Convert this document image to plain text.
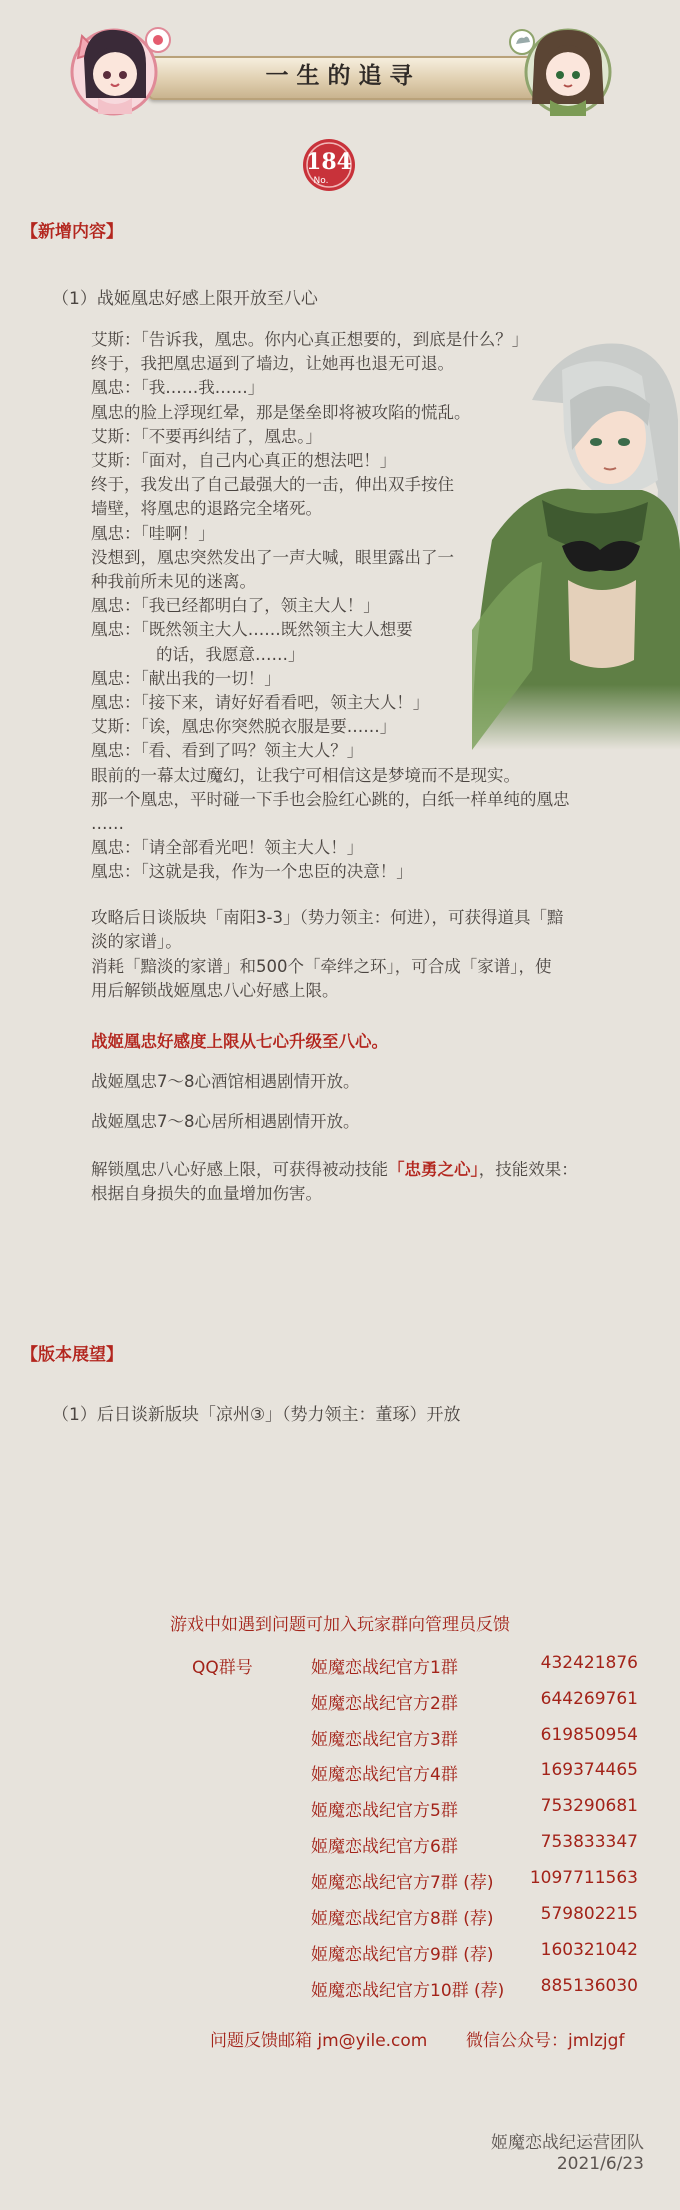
一生的追寻
184
No.
【新增内容】
（1）战姬凰忠好感上限开放至八心
艾斯：「告诉我，凰忠。你内心真正想要的，到底是什么？」
终于，我把凰忠逼到了墙边，让她再也退无可退。
凰忠：「我……我……」
凰忠的脸上浮现红晕，那是堡垒即将被攻陷的慌乱。
艾斯：「不要再纠结了，凰忠。」
艾斯：「面对，自己内心真正的想法吧！」
终于，我发出了自己最强大的一击，伸出双手按住
墙壁，将凰忠的退路完全堵死。
凰忠：「哇啊！」
没想到，凰忠突然发出了一声大喊，眼里露出了一
种我前所未见的迷离。
凰忠：「我已经都明白了，领主大人！」
凰忠：「既然领主大人……既然领主大人想要
的话，我愿意……」
凰忠：「献出我的一切！」
凰忠：「接下来，请好好看看吧，领主大人！」
艾斯：「诶，凰忠你突然脱衣服是要……」
凰忠：「看、看到了吗？领主大人？」
眼前的一幕太过魔幻，让我宁可相信这是梦境而不是现实。
那一个凰忠，平时碰一下手也会脸红心跳的，白纸一样单纯的凰忠
……
凰忠：「请全部看光吧！领主大人！」
凰忠：「这就是我，作为一个忠臣的决意！」
攻略后日谈版块「南阳3-3」（势力领主：何进），可获得道具「黯
淡的家谱」。
消耗「黯淡的家谱」和500个「牵绊之环」，可合成「家谱」，使
用后解锁战姬凰忠八心好感上限。
战姬凰忠好感度上限从七心升级至八心。
战姬凰忠7～8心酒馆相遇剧情开放。
战姬凰忠7～8心居所相遇剧情开放。
解锁凰忠八心好感上限，可获得被动技能「忠勇之心」，技能效果：
根据自身损失的血量增加伤害。
【版本展望】
（1）后日谈新版块「凉州③」（势力领主：董琢）开放
游戏中如遇到问题可加入玩家群向管理员反馈
QQ群号	姬魔恋战纪官方1群	432421876
姬魔恋战纪官方2群	644269761
姬魔恋战纪官方3群	619850954
姬魔恋战纪官方4群	169374465
姬魔恋战纪官方5群	753290681
姬魔恋战纪官方6群	753833347
姬魔恋战纪官方7群 (荐) 1097711563
姬魔恋战纪官方8群 (荐)	579802215
姬魔恋战纪官方9群 (荐)	160321042
姬魔恋战纪官方10群 (荐) 885136030
问题反馈邮箱 jm@yile.com 微信公众号：jmlzjgf
姬魔恋战纪运营团队
2021/6/23
